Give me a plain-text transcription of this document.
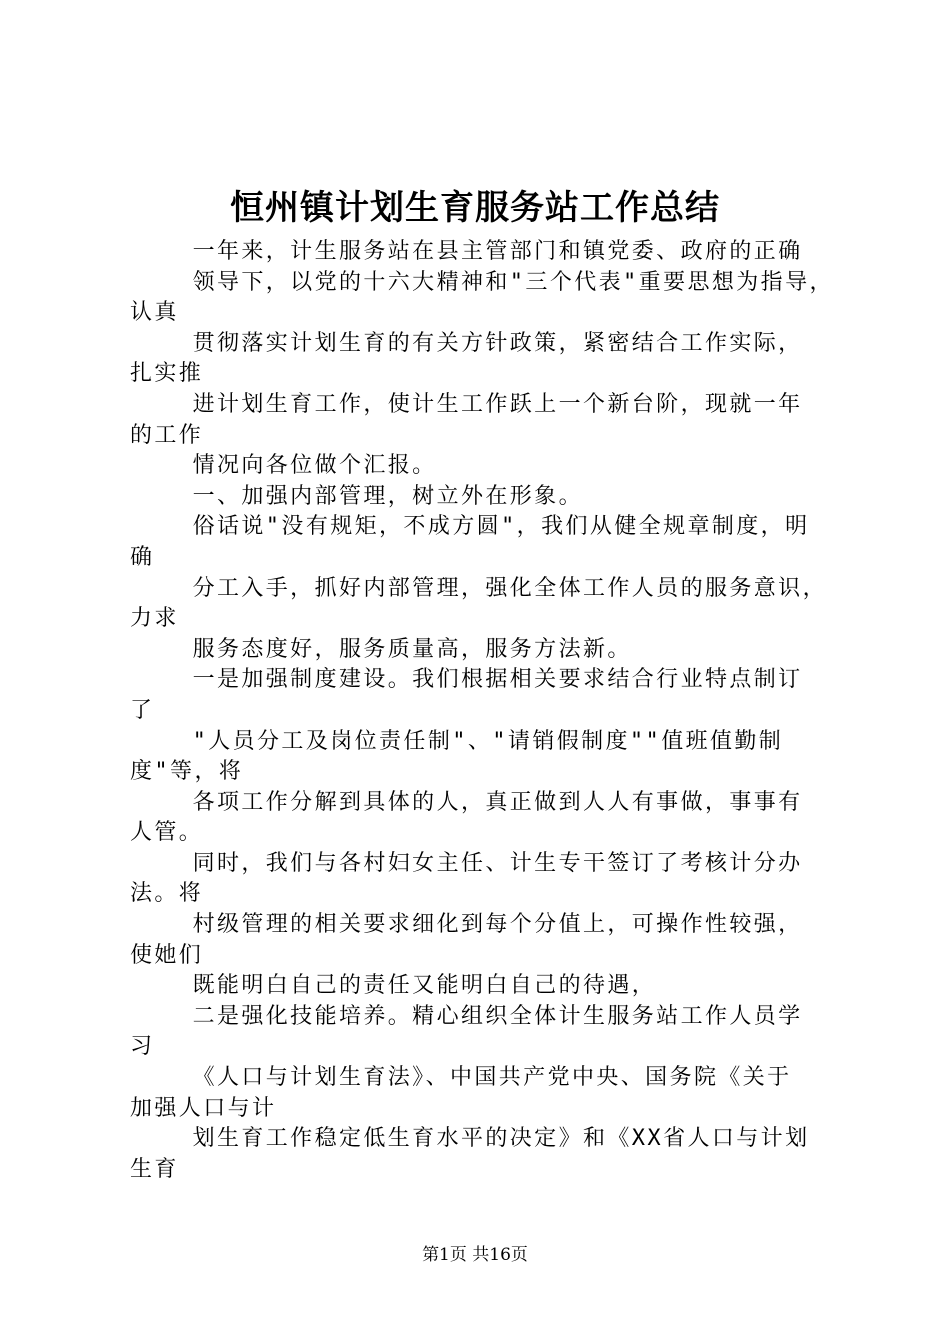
恒州镇计划生育服务站工作总结
一年来，计生服务站在县主管部门和镇党委、政府的正确
领导下，以党的十六大精神和"三个代表"重要思想为指导，
认真
贯彻落实计划生育的有关方针政策，紧密结合工作实际，
扎实推
进计划生育工作，使计生工作跃上一个新台阶，现就一年
的工作
情况向各位做个汇报。
一、加强内部管理，树立外在形象。
俗话说"没有规矩，不成方圆"，我们从健全规章制度，明
确
分工入手，抓好内部管理，强化全体工作人员的服务意识，
力求
服务态度好，服务质量高，服务方法新。
一是加强制度建设。我们根据相关要求结合行业特点制订
了
"人员分工及岗位责任制"、"请销假制度""值班值勤制
度"等，将
各项工作分解到具体的人，真正做到人人有事做，事事有
人管。
同时，我们与各村妇女主任、计生专干签订了考核计分办
法。将
村级管理的相关要求细化到每个分值上，可操作性较强，
使她们
既能明白自己的责任又能明白自己的待遇，
二是强化技能培养。精心组织全体计生服务站工作人员学
习
《人口与计划生育法》、中国共产党中央、国务院《关于
加强人口与计
划生育工作稳定低生育水平的决定》和《XX省人口与计划
生育
第1页 共16页
